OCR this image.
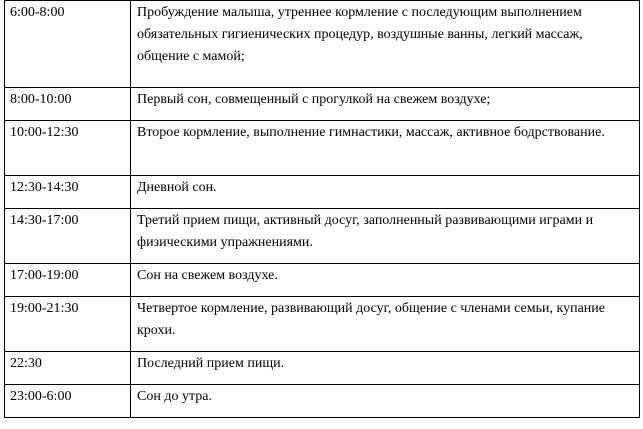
6:00-8:00	Пробуждение малыша, утреннее кормление с последующим выполнением обязательных гигиенических процедур, воздушные ванны, легкий массаж, общение с мамой;
8:00-10:00	Первый сон, совмещенный с прогулкой на свежем воздухе;
10:00-12:30	Второе кормление, выполнение гимнастики, массаж, активное бодрствование.
12:30-14:30	Дневной сон.
14:30-17:00	Третий прием пищи, активный досуг, заполненный развивающими играми и физическими упражнениями.
17:00-19:00	Сон на свежем воздухе.
19:00-21:30	Четвертое кормление, развивающий досуг, общение с членами семьи, купание крохи.
22:30	Последний прием пищи.
23:00-6:00	Сон до утра.
